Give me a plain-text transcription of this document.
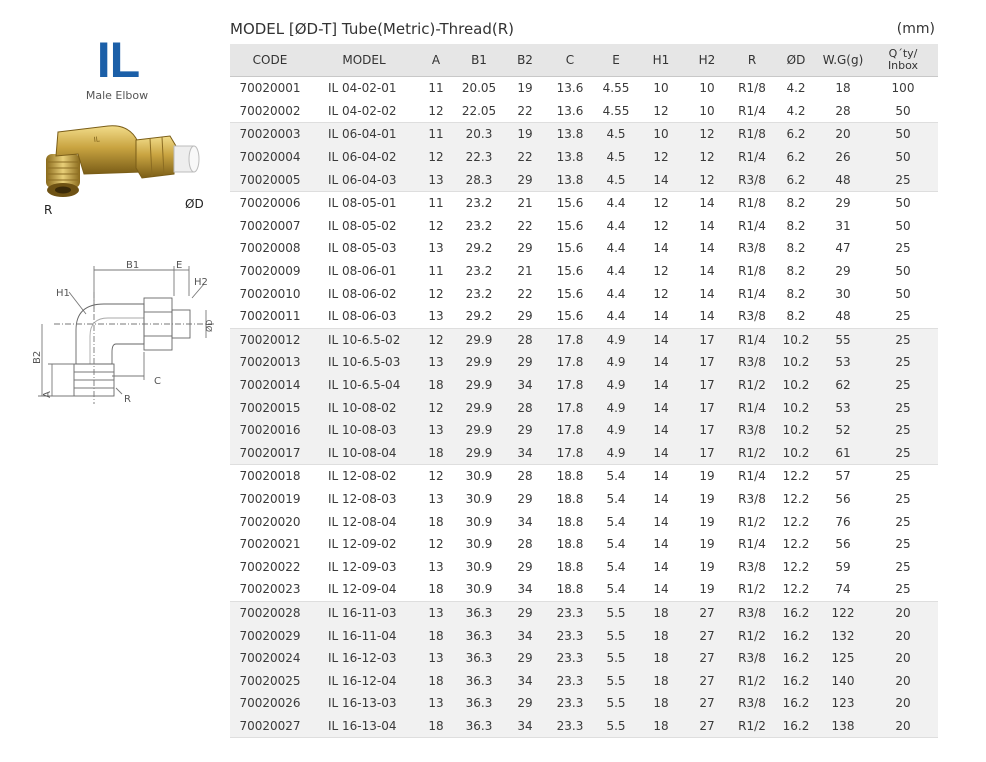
IL
Male Elbow
IL
R	ØD
B1	E
H1
H2
B2
A
C
R
ØD
MODEL [ØD-T] Tube(Metric)-Thread(R)	(mm)
CODE	MODEL	A	B1	B2	C	E	H1	H2	R	ØD	W.G(g)	Q´ty/
Inbox

70020001	IL 04-02-01	11	20.05	19	13.6	4.55	10	10	R1/8	4.2	18	100
70020002	IL 04-02-02	12	22.05	22	13.6	4.55	12	10	R1/4	4.2	28	50
70020003	IL 06-04-01	11	20.3	19	13.8	4.5	10	12	R1/8	6.2	20	50
70020004	IL 06-04-02	12	22.3	22	13.8	4.5	12	12	R1/4	6.2	26	50
70020005	IL 06-04-03	13	28.3	29	13.8	4.5	14	12	R3/8	6.2	48	25
70020006	IL 08-05-01	11	23.2	21	15.6	4.4	12	14	R1/8	8.2	29	50
70020007	IL 08-05-02	12	23.2	22	15.6	4.4	12	14	R1/4	8.2	31	50
70020008	IL 08-05-03	13	29.2	29	15.6	4.4	14	14	R3/8	8.2	47	25
70020009	IL 08-06-01	11	23.2	21	15.6	4.4	12	14	R1/8	8.2	29	50
70020010	IL 08-06-02	12	23.2	22	15.6	4.4	12	14	R1/4	8.2	30	50
70020011	IL 08-06-03	13	29.2	29	15.6	4.4	14	14	R3/8	8.2	48	25
70020012	IL 10-6.5-02	12	29.9	28	17.8	4.9	14	17	R1/4	10.2	55	25
70020013	IL 10-6.5-03	13	29.9	29	17.8	4.9	14	17	R3/8	10.2	53	25
70020014	IL 10-6.5-04	18	29.9	34	17.8	4.9	14	17	R1/2	10.2	62	25
70020015	IL 10-08-02	12	29.9	28	17.8	4.9	14	17	R1/4	10.2	53	25
70020016	IL 10-08-03	13	29.9	29	17.8	4.9	14	17	R3/8	10.2	52	25
70020017	IL 10-08-04	18	29.9	34	17.8	4.9	14	17	R1/2	10.2	61	25
70020018	IL 12-08-02	12	30.9	28	18.8	5.4	14	19	R1/4	12.2	57	25
70020019	IL 12-08-03	13	30.9	29	18.8	5.4	14	19	R3/8	12.2	56	25
70020020	IL 12-08-04	18	30.9	34	18.8	5.4	14	19	R1/2	12.2	76	25
70020021	IL 12-09-02	12	30.9	28	18.8	5.4	14	19	R1/4	12.2	56	25
70020022	IL 12-09-03	13	30.9	29	18.8	5.4	14	19	R3/8	12.2	59	25
70020023	IL 12-09-04	18	30.9	34	18.8	5.4	14	19	R1/2	12.2	74	25
70020028	IL 16-11-03	13	36.3	29	23.3	5.5	18	27	R3/8	16.2	122	20
70020029	IL 16-11-04	18	36.3	34	23.3	5.5	18	27	R1/2	16.2	132	20
70020024	IL 16-12-03	13	36.3	29	23.3	5.5	18	27	R3/8	16.2	125	20
70020025	IL 16-12-04	18	36.3	34	23.3	5.5	18	27	R1/2	16.2	140	20
70020026	IL 16-13-03	13	36.3	29	23.3	5.5	18	27	R3/8	16.2	123	20
70020027	IL 16-13-04	18	36.3	34	23.3	5.5	18	27	R1/2	16.2	138	20
